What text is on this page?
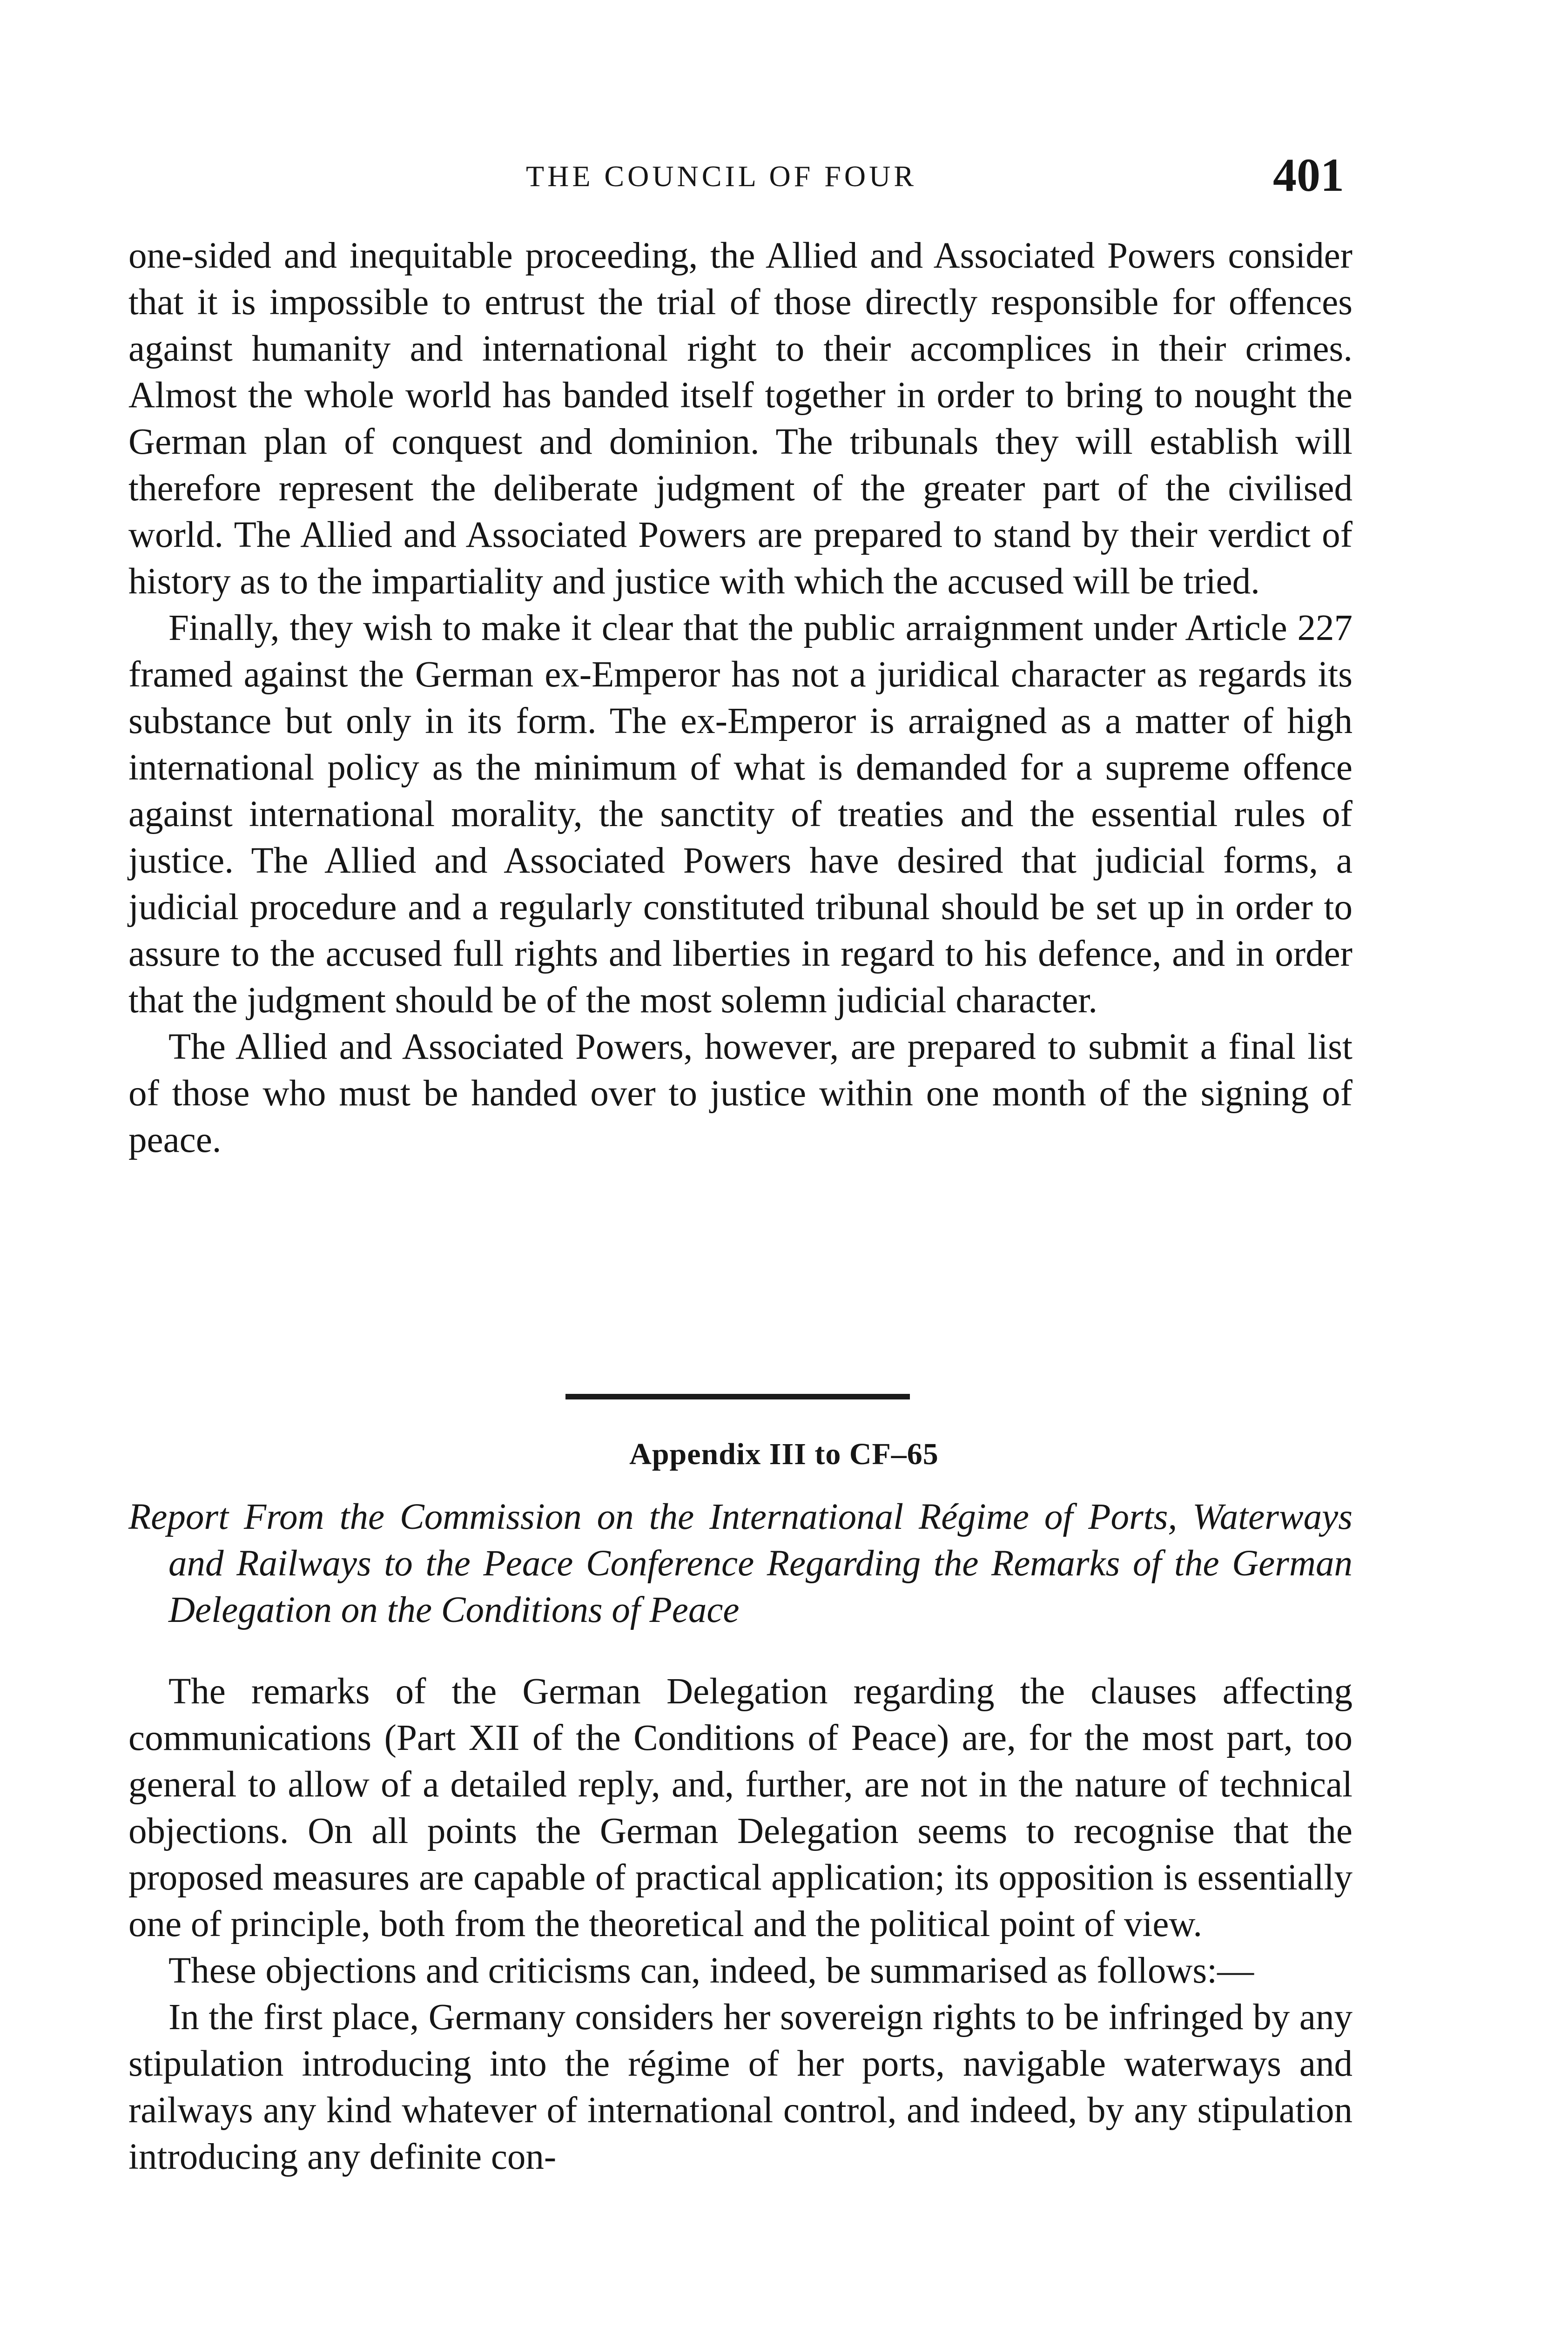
THE COUNCIL OF FOUR	401

one-sided and inequitable proceeding, the Allied and Associated Powers consider that it is impossible to entrust the trial of those directly responsible for offences against humanity and international right to their accomplices in their crimes. Almost the whole world has banded itself together in order to bring to nought the German plan of conquest and dominion. The tribunals they will establish will therefore represent the deliberate judgment of the greater part of the civilised world. The Allied and Associated Powers are prepared to stand by their verdict of history as to the impartiality and justice with which the accused will be tried.

Finally, they wish to make it clear that the public arraignment under Article 227 framed against the German ex-Emperor has not a juridical character as regards its substance but only in its form. The ex-Emperor is arraigned as a matter of high international policy as the minimum of what is demanded for a supreme offence against international morality, the sanctity of treaties and the essential rules of justice. The Allied and Associated Powers have desired that judicial forms, a judicial procedure and a regularly constituted tribunal should be set up in order to assure to the accused full rights and liberties in regard to his defence, and in order that the judgment should be of the most solemn judicial character.

The Allied and Associated Powers, however, are prepared to submit a final list of those who must be handed over to justice within one month of the signing of peace.

Appendix III to CF–65
Report From the Commission on the International Régime of Ports, Waterways and Railways to the Peace Conference Regarding the Remarks of the German Delegation on the Conditions of Peace

The remarks of the German Delegation regarding the clauses affecting communications (Part XII of the Conditions of Peace) are, for the most part, too general to allow of a detailed reply, and, further, are not in the nature of technical objections. On all points the German Delegation seems to recognise that the proposed measures are capable of practical application; its opposition is essentially one of principle, both from the theoretical and the political point of view.

These objections and criticisms can, indeed, be summarised as follows:—

In the first place, Germany considers her sovereign rights to be infringed by any stipulation introducing into the régime of her ports, navigable waterways and railways any kind whatever of international control, and indeed, by any stipulation introducing any definite con-
